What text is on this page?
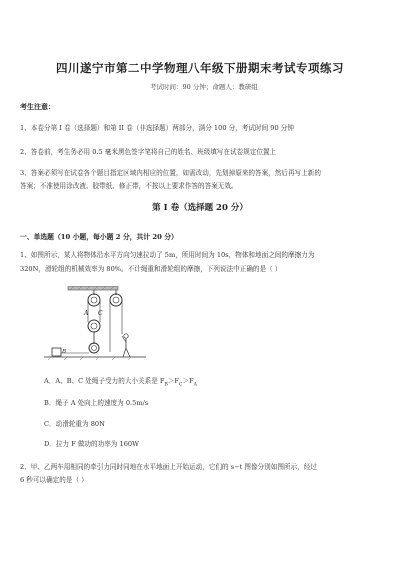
四川遂宁市第二中学物理八年级下册期末考试专项练习
考试时间：90 分钟；命题人：教研组
考生注意：
1、本卷分第 I 卷（选择题）和第 II 卷（非选择题）两部分，满分 100 分，考试时间 90 分钟
2、答卷前，考生务必用 0.5 毫米黑色签字笔将自己的姓名、班级填写在试卷规定位置上
3、答案必须写在试卷各个题目指定区域内相应的位置，如需改动，先划掉原来的答案，然后再写上新的
答案；不准使用涂改液、胶带纸、修正带，不按以上要求作答的答案无效。
第 I 卷（选择题 20 分）
一、单选题（10 小题，每小题 2 分，共计 20 分）
1、如图所示，某人将物体沿水平方向匀速拉动了 5m，所用时间为 10s，物体和地面之间的摩擦力为
320N，滑轮组的机械效率为 80%。不计绳重和滑轮组的摩擦，下列说法中正确的是（ ）
A C
B
A．A、B、C 处绳子受力的大小关系是 $F_B>F_C>F_A$
B．绳子 A 处向上的速度为 0.5m/s
C．动滑轮重为 80N
D．拉力 F 做功的功率为 160W
2、甲、乙两车用相同的牵引力同时同地在水平地面上开始运动，它们的 s−t 图像分别如图所示，经过
6 秒可以确定的是（ ）
